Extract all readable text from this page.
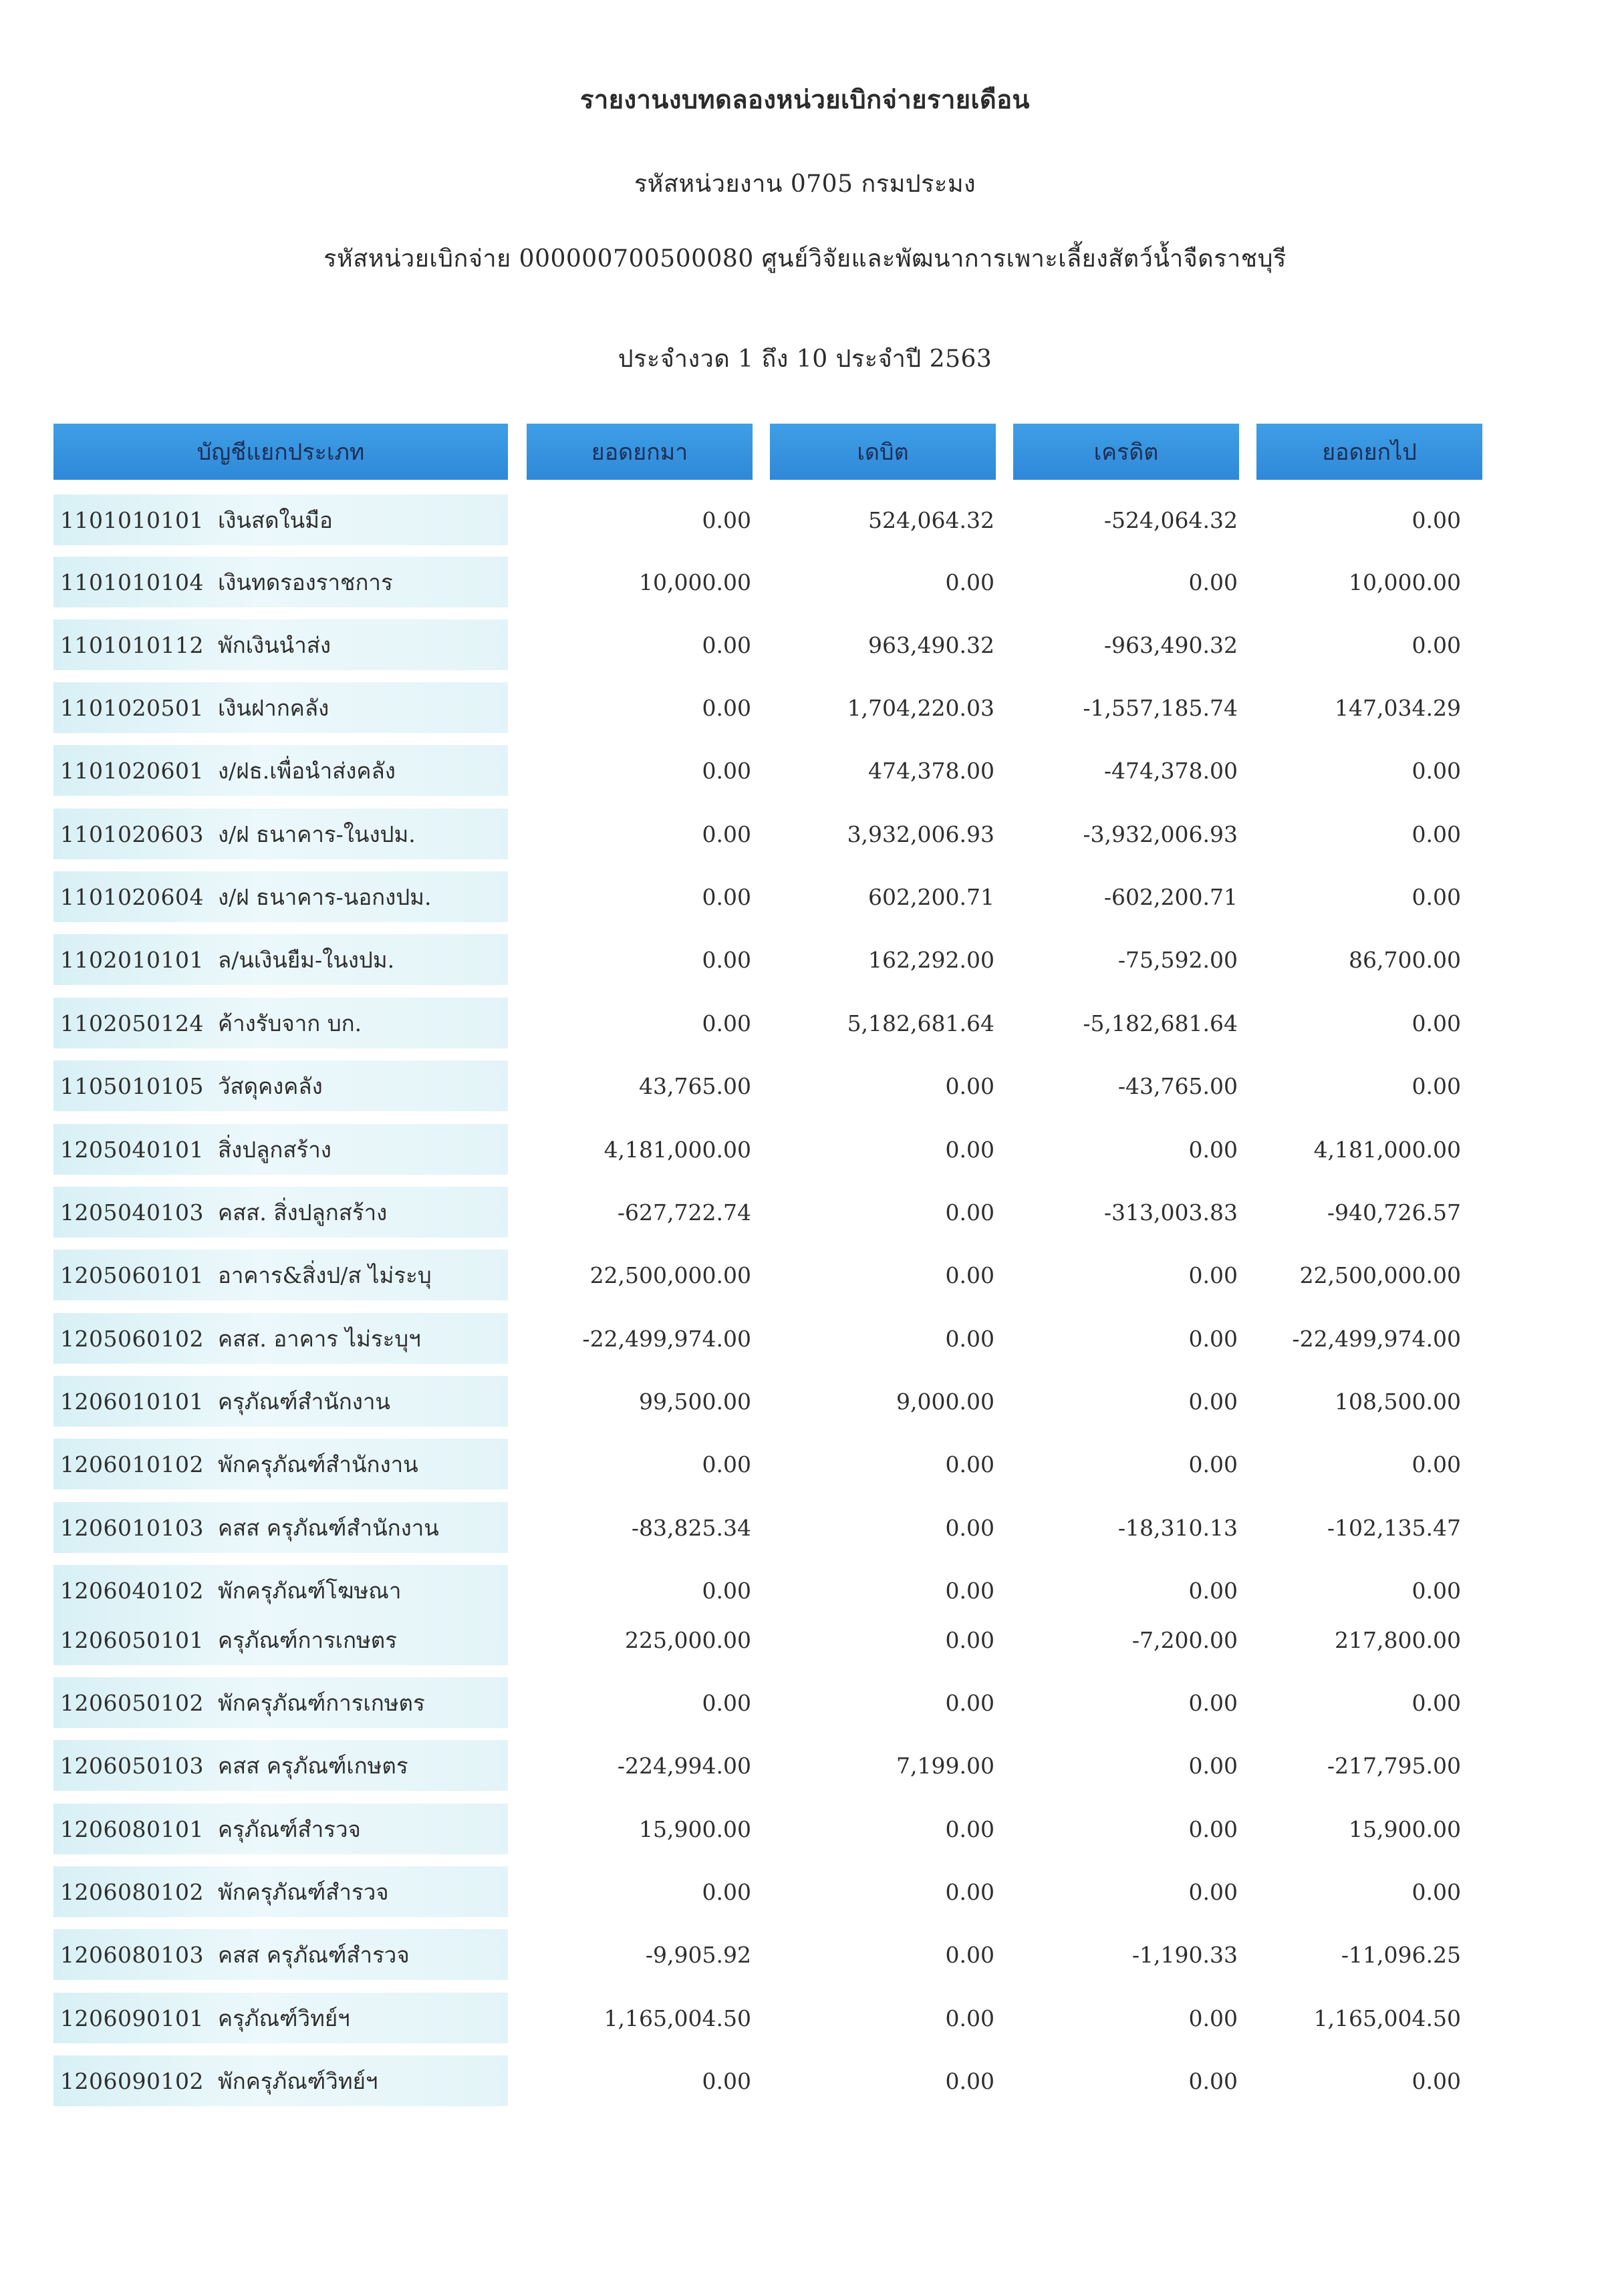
รายงานงบทดลองหน่วยเบิกจ่ายรายเดือน
รหัสหน่วยงาน 0705 กรมประมง
รหัสหน่วยเบิกจ่าย 000000700500080 ศูนย์วิจัยและพัฒนาการเพาะเลี้ยงสัตว์น้ำจืดราชบุรี
ประจำงวด 1 ถึง 10 ประจำปี 2563
บัญชีแยกประเภท	ยอดยกมา	เดบิต	เครดิต	ยอดยกไป
1101010101 เงินสดในมือ	0.00	524,064.32	-524,064.32	0.00
1101010104 เงินทดรองราชการ	10,000.00	0.00	0.00	10,000.00
1101010112 พักเงินนำส่ง	0.00	963,490.32	-963,490.32	0.00
1101020501 เงินฝากคลัง	0.00	1,704,220.03	-1,557,185.74	147,034.29
1101020601 ง/ฝธ.เพื่อนำส่งคลัง	0.00	474,378.00	-474,378.00	0.00
1101020603 ง/ฝ ธนาคาร-ในงปม.	0.00	3,932,006.93	-3,932,006.93	0.00
1101020604 ง/ฝ ธนาคาร-นอกงปม.	0.00	602,200.71	-602,200.71	0.00
1102010101 ล/นเงินยืม-ในงปม.	0.00	162,292.00	-75,592.00	86,700.00
1102050124 ค้างรับจาก บก.	0.00	5,182,681.64	-5,182,681.64	0.00
1105010105 วัสดุคงคลัง	43,765.00	0.00	-43,765.00	0.00
1205040101 สิ่งปลูกสร้าง	4,181,000.00	0.00	0.00	4,181,000.00
1205040103 คสส. สิ่งปลูกสร้าง	-627,722.74	0.00	-313,003.83	-940,726.57
1205060101 อาคาร&สิ่งป/ส ไม่ระบุ	22,500,000.00	0.00	0.00	22,500,000.00
1205060102 คสส. อาคาร ไม่ระบุฯ	-22,499,974.00	0.00	0.00	-22,499,974.00
1206010101 ครุภัณฑ์สำนักงาน	99,500.00	9,000.00	0.00	108,500.00
1206010102 พักครุภัณฑ์สำนักงาน	0.00	0.00	0.00	0.00
1206010103 คสส ครุภัณฑ์สำนักงาน	-83,825.34	0.00	-18,310.13	-102,135.47
1206040102 พักครุภัณฑ์โฆษณา	0.00	0.00	0.00	0.00
1206050101 ครุภัณฑ์การเกษตร	225,000.00	0.00	-7,200.00	217,800.00
1206050102 พักครุภัณฑ์การเกษตร	0.00	0.00	0.00	0.00
1206050103 คสส ครุภัณฑ์เกษตร	-224,994.00	7,199.00	0.00	-217,795.00
1206080101 ครุภัณฑ์สำรวจ	15,900.00	0.00	0.00	15,900.00
1206080102 พักครุภัณฑ์สำรวจ	0.00	0.00	0.00	0.00
1206080103 คสส ครุภัณฑ์สำรวจ	-9,905.92	0.00	-1,190.33	-11,096.25
1206090101 ครุภัณฑ์วิทย์ฯ	1,165,004.50	0.00	0.00	1,165,004.50
1206090102 พักครุภัณฑ์วิทย์ฯ	0.00	0.00	0.00	0.00
